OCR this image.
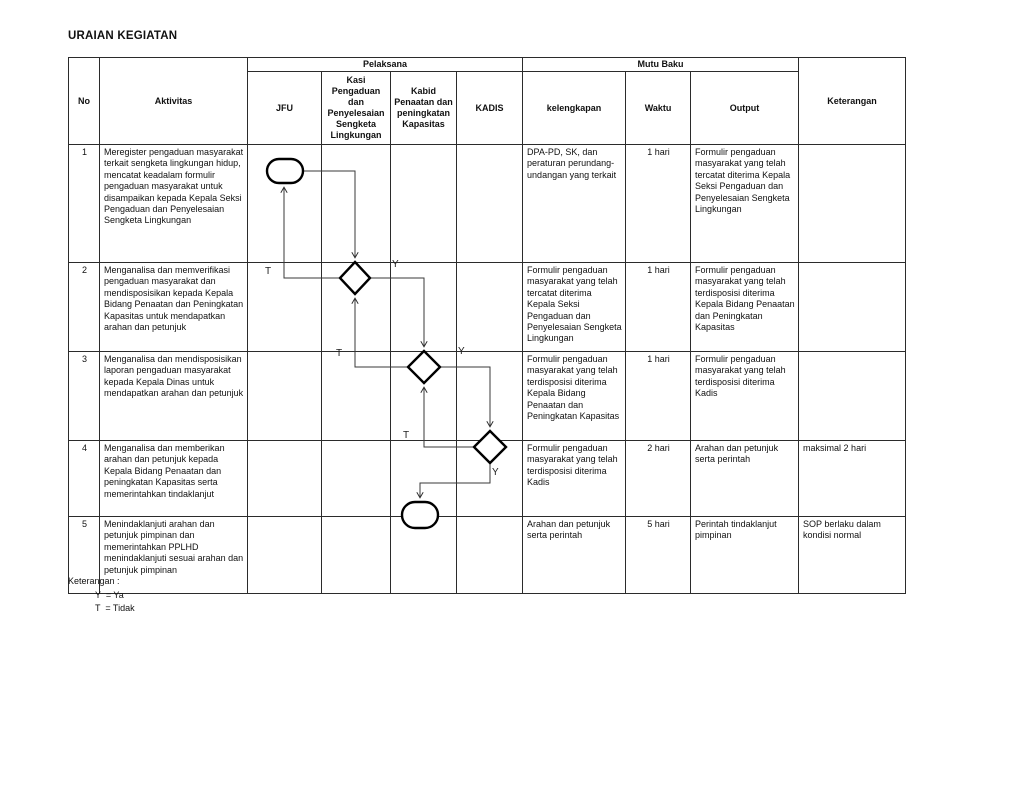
URAIAN KEGIATAN
No	Aktivitas	Pelaksana				Mutu Baku			Keterangan
		JFU	Kasi Pengaduan dan Penyelesaian Sengketa Lingkungan	Kabid Penaatan dan peningkatan Kapasitas	KADIS	kelengkapan	Waktu	Output	
1	Meregister pengaduan masyarakat terkait sengketa lingkungan hidup, mencatat keadalam formulir pengaduan masyarakat untuk disampaikan kepada Kepala Seksi Pengaduan dan Penyelesaian Sengketa Lingkungan					DPA-PD, SK, dan peraturan perundang-undangan yang terkait	1 hari	Formulir pengaduan masyarakat yang telah tercatat diterima Kepala Seksi Pengaduan dan Penyelesaian Sengketa Lingkungan	
2	Menganalisa dan memverifikasi pengaduan masyarakat dan mendisposisikan kepada Kepala Bidang Penaatan dan Peningkatan Kapasitas untuk mendapatkan arahan dan petunjuk					Formulir pengaduan masyarakat yang telah tercatat diterima Kepala Seksi Pengaduan dan Penyelesaian Sengketa Lingkungan	1 hari	Formulir pengaduan masyarakat yang telah terdisposisi diterima Kepala Bidang Penaatan dan Peningkatan Kapasitas	
3	Menganalisa dan mendisposisikan laporan pengaduan masyarakat kepada Kepala Dinas untuk mendapatkan arahan dan petunjuk					Formulir pengaduan masyarakat yang telah terdisposisi diterima Kepala Bidang Penaatan dan Peningkatan Kapasitas	1 hari	Formulir pengaduan masyarakat yang telah terdisposisi diterima Kadis	
4	Menganalisa dan memberikan arahan dan petunjuk kepada Kepala Bidang Penaatan dan peningkatan Kapasitas serta memerintahkan tindaklanjut					Formulir pengaduan masyarakat yang telah terdisposisi diterima Kadis	2 hari	Arahan dan petunjuk serta perintah	maksimal 2 hari
5	Menindaklanjuti arahan dan petunjuk pimpinan dan memerintahkan PPLHD menindaklanjuti sesuai arahan dan petunjuk pimpinan					Arahan dan petunjuk serta perintah	5 hari	Perintah tindaklanjut pimpinan	SOP berlaku dalam kondisi normal
T
Y
T	Y
T
Y
Keterangan :
Y  = Ya
T  = Tidak
